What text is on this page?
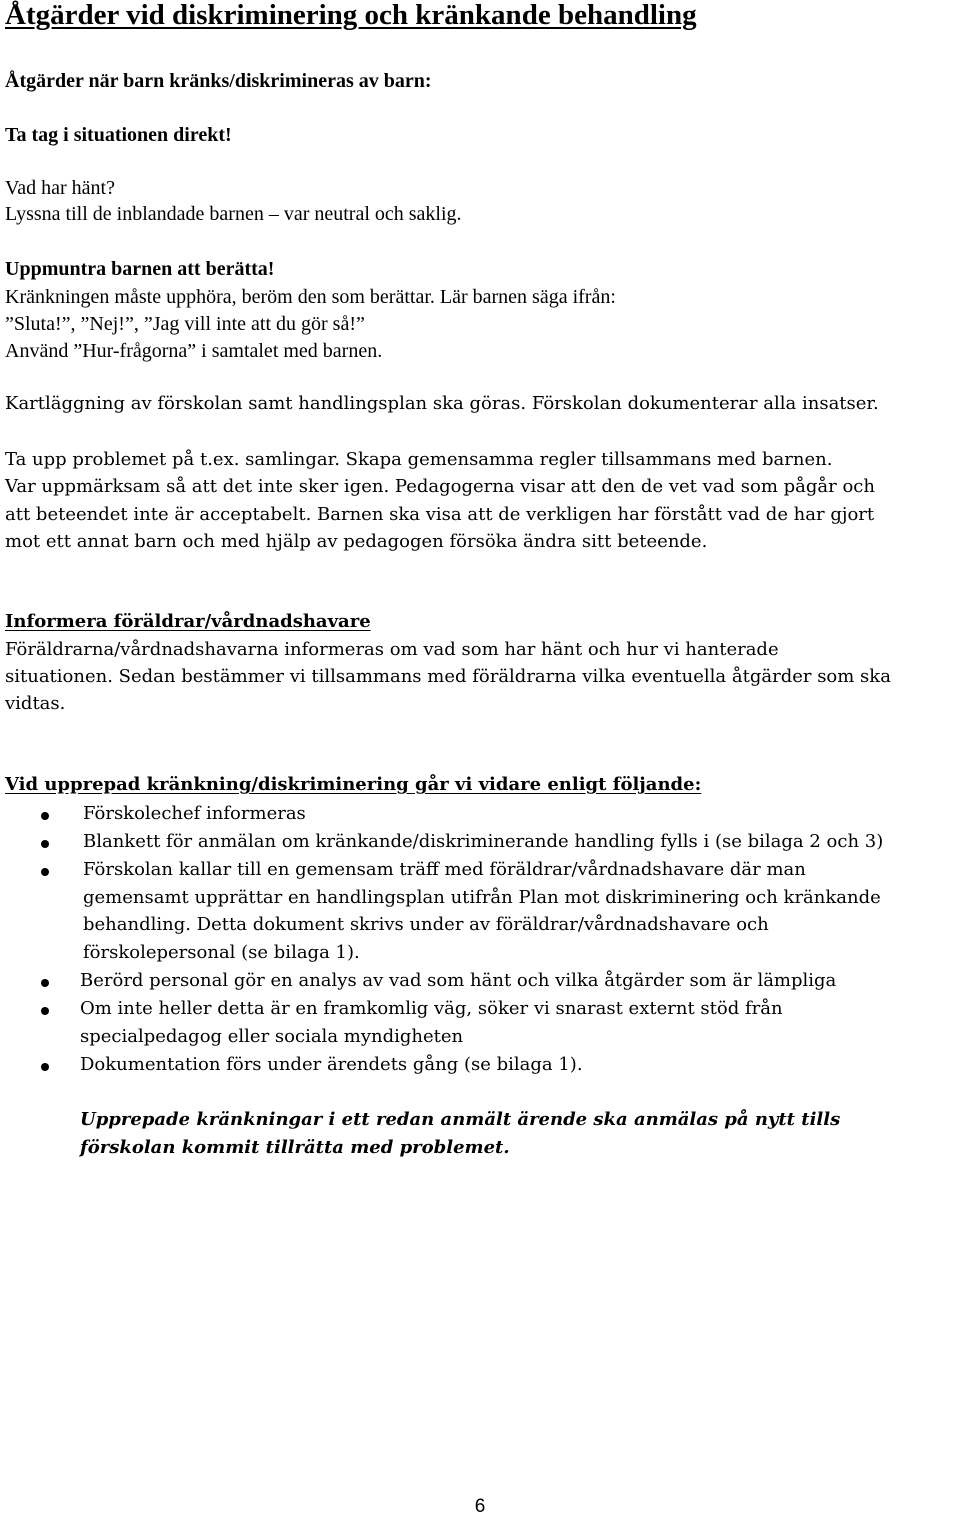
Åtgärder vid diskriminering och kränkande behandling
Åtgärder när barn kränks/diskrimineras av barn:
Ta tag i situationen direkt!
Vad har hänt?
Lyssna till de inblandade barnen – var neutral och saklig.
Uppmuntra barnen att berätta!
Kränkningen måste upphöra, beröm den som berättar. Lär barnen säga ifrån:
”Sluta!”, ”Nej!”, ”Jag vill inte att du gör så!”
Använd ”Hur-frågorna” i samtalet med barnen.
Kartläggning av förskolan samt handlingsplan ska göras. Förskolan dokumenterar alla insatser.
Ta upp problemet på t.ex. samlingar. Skapa gemensamma regler tillsammans med barnen.
Var uppmärksam så att det inte sker igen. Pedagogerna visar att den de vet vad som pågår och
att beteendet inte är acceptabelt. Barnen ska visa att de verkligen har förstått vad de har gjort
mot ett annat barn och med hjälp av pedagogen försöka ändra sitt beteende.
Informera föräldrar/vårdnadshavare
Föräldrarna/vårdnadshavarna informeras om vad som har hänt och hur vi hanterade
situationen. Sedan bestämmer vi tillsammans med föräldrarna vilka eventuella åtgärder som ska
vidtas.
Vid upprepad kränkning/diskriminering går vi vidare enligt följande:
Förskolechef informeras
Blankett för anmälan om kränkande/diskriminerande handling fylls i (se bilaga 2 och 3)
Förskolan kallar till en gemensam träff med föräldrar/vårdnadshavare där man
gemensamt upprättar en handlingsplan utifrån Plan mot diskriminering och kränkande
behandling. Detta dokument skrivs under av föräldrar/vårdnadshavare och
förskolepersonal (se bilaga 1).
Berörd personal gör en analys av vad som hänt och vilka åtgärder som är lämpliga
Om inte heller detta är en framkomlig väg, söker vi snarast externt stöd från
specialpedagog eller sociala myndigheten
Dokumentation förs under ärendets gång (se bilaga 1).
Upprepade kränkningar i ett redan anmält ärende ska anmälas på nytt tills
förskolan kommit tillrätta med problemet.
6
